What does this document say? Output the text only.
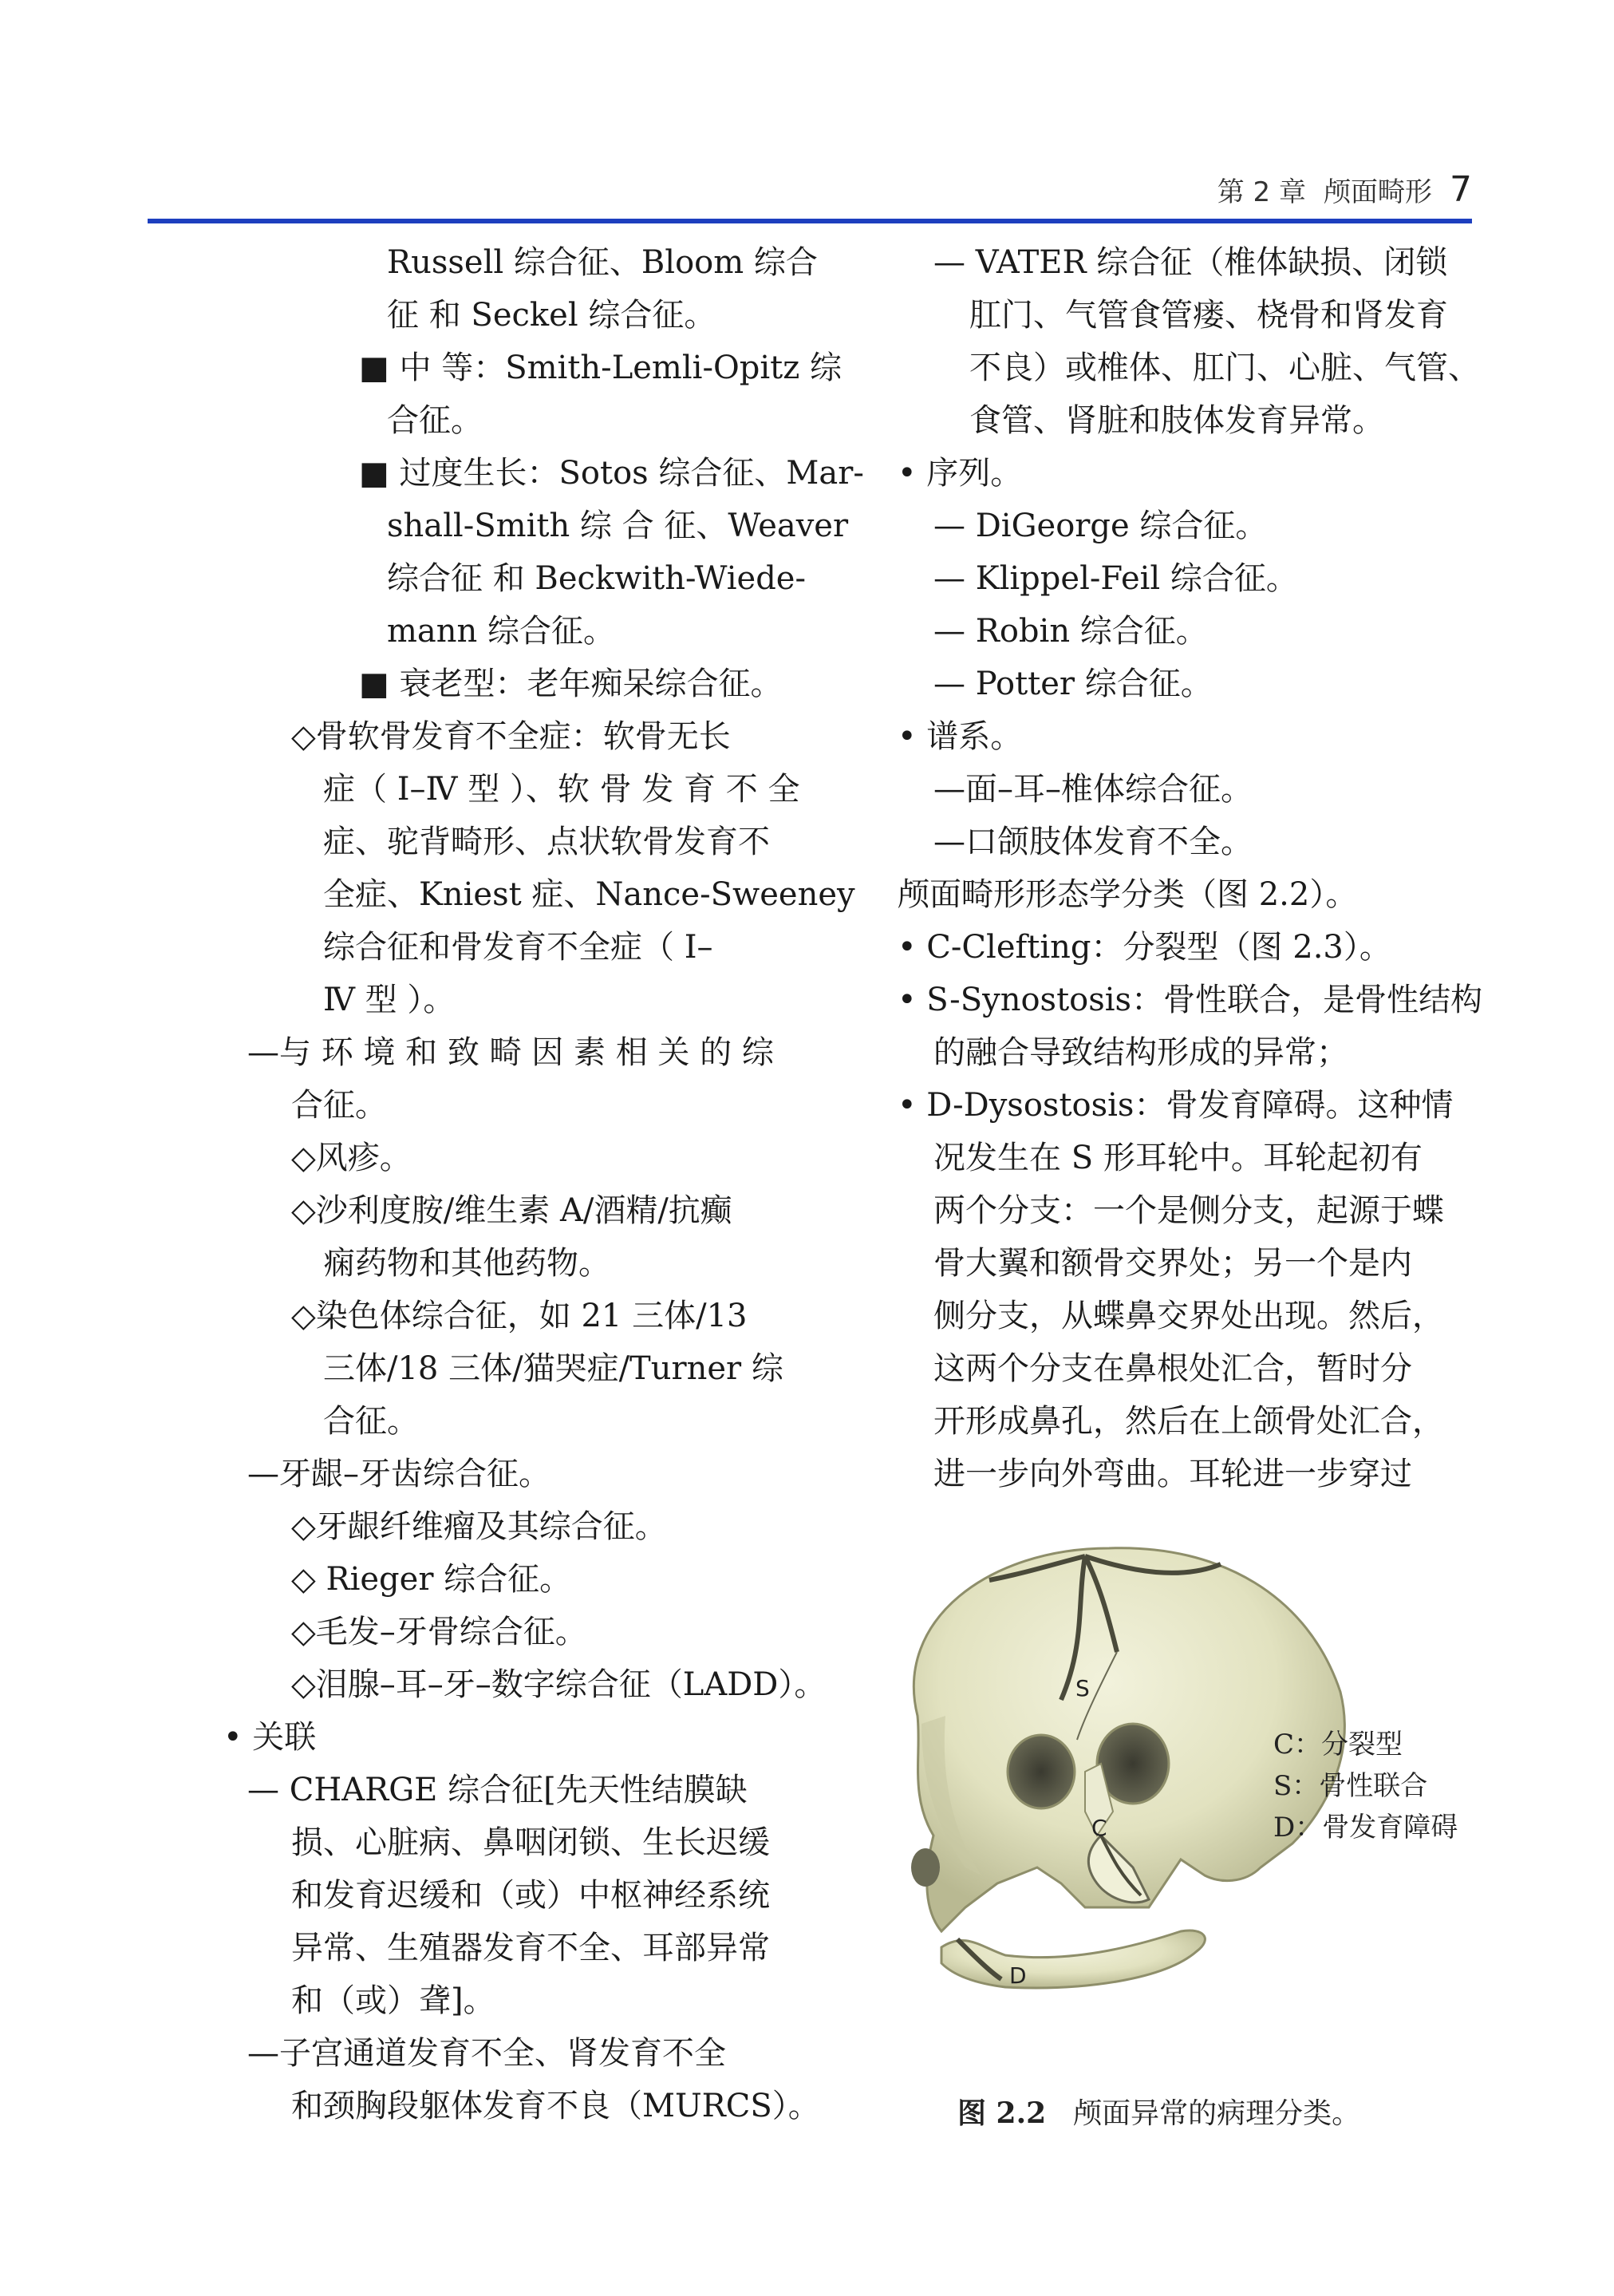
第 2 章 颅面畸形 7
Russell 综合征、Bloom 综合
征 和 Seckel 综合征。
■ 中 等：Smith-Lemli-Opitz 综
合征。
■ 过度生长：Sotos 综合征、Mar-
shall-Smith 综 合 征、Weaver
综合征 和 Beckwith-Wiede-
mann 综合征。
■ 衰老型：老年痴呆综合征。
◇骨软骨发育不全症：软骨无长
症（ Ⅰ–Ⅳ 型 ）、软 骨 发 育 不 全
症、驼背畸形、点状软骨发育不
全症、Kniest 症、Nance-Sweeney
综合征和骨发育不全症（ Ⅰ–
Ⅳ 型 ）。
—与 环 境 和 致 畸 因 素 相 关 的 综
合征。
◇风疹。
◇沙利度胺/维生素 A/酒精/抗癫
痫药物和其他药物。
◇染色体综合征，如 21 三体/13
三体/18 三体/猫哭症/Turner 综
合征。
—牙龈–牙齿综合征。
◇牙龈纤维瘤及其综合征。
◇ Rieger 综合征。
◇毛发–牙骨综合征。
◇泪腺–耳–牙–数字综合征（LADD）。
• 关联
— CHARGE 综合征[先天性结膜缺
损、心脏病、鼻咽闭锁、生长迟缓
和发育迟缓和（或）中枢神经系统
异常、生殖器发育不全、耳部异常
和（或）聋]。
—子宫通道发育不全、肾发育不全
和颈胸段躯体发育不良（MURCS）。
— VATER 综合征（椎体缺损、闭锁
肛门、气管食管瘘、桡骨和肾发育
不良）或椎体、肛门、心脏、气管、
食管、肾脏和肢体发育异常。
• 序列。
— DiGeorge 综合征。
— Klippel-Feil 综合征。
— Robin 综合征。
— Potter 综合征。
• 谱系。
—面–耳–椎体综合征。
—口颌肢体发育不全。
颅面畸形形态学分类（图 2.2）。
• C-Clefting：分裂型（图 2.3）。
• S-Synostosis：骨性联合，是骨性结构
的融合导致结构形成的异常；
• D-Dysostosis：骨发育障碍。这种情
况发生在 S 形耳轮中。耳轮起初有
两个分支：一个是侧分支，起源于蝶
骨大翼和额骨交界处；另一个是内
侧分支，从蝶鼻交界处出现。然后，
这两个分支在鼻根处汇合，暂时分
开形成鼻孔，然后在上颌骨处汇合，
进一步向外弯曲。耳轮进一步穿过
S
C
D
C：分裂型
S：骨性联合
D：骨发育障碍
图 2.2 颅面异常的病理分类。
